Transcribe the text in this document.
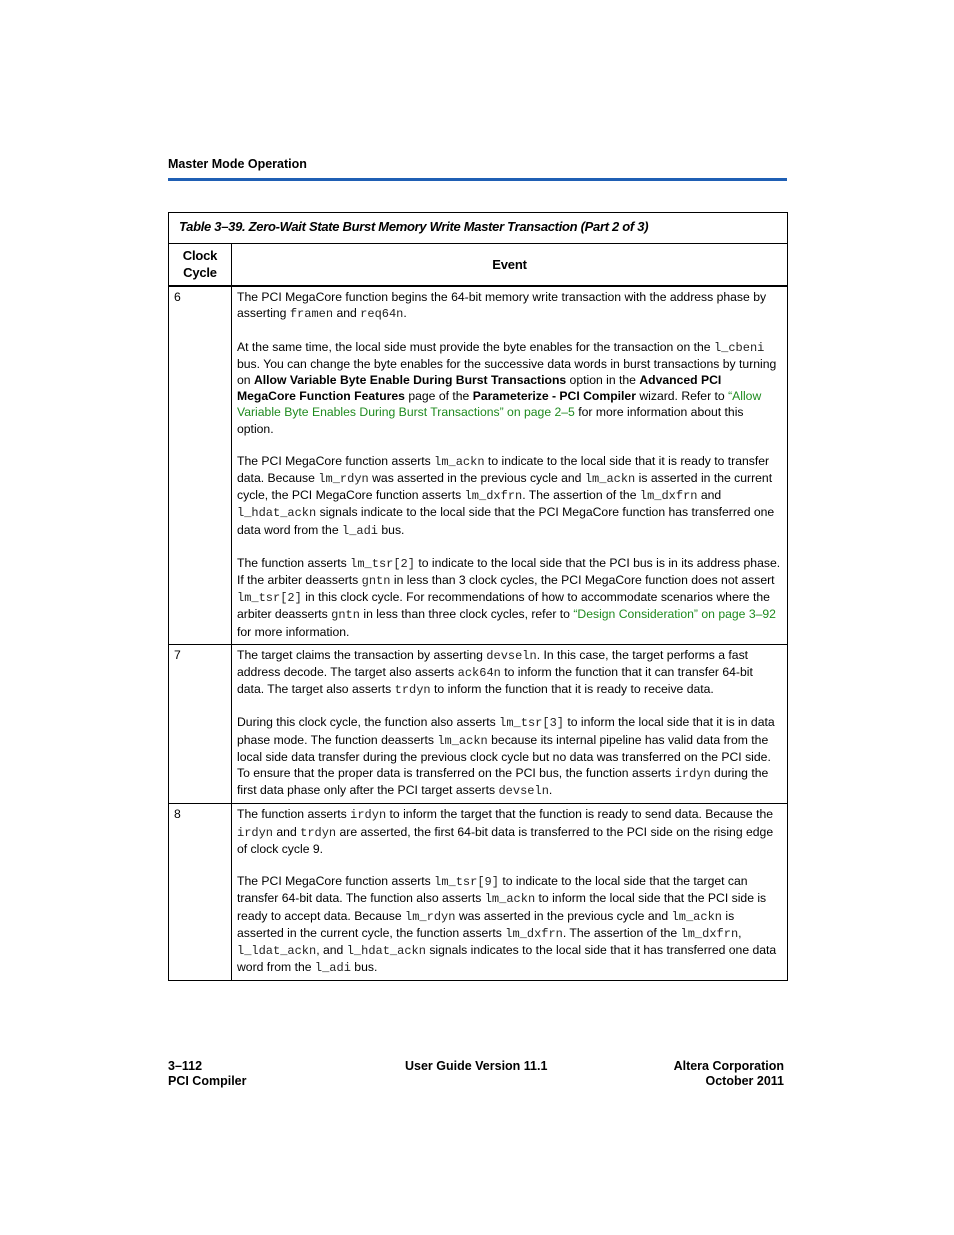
Master Mode Operation
Table 3–39. Zero-Wait State Burst Memory Write Master Transaction (Part 2 of 3)	
Clock
Cycle	Event
6	The PCI MegaCore function begins the 64-bit memory write transaction with the address phase by asserting framen and req64n.

At the same time, the local side must provide the byte enables for the transaction on the l_cbeni bus. You can change the byte enables for the successive data words in burst transactions by turning on Allow Variable Byte Enable During Burst Transactions option in the Advanced PCI MegaCore Function Features page of the Parameterize - PCI Compiler wizard. Refer to “Allow Variable Byte Enables During Burst Transactions” on page 2–5 for more information about this option.

The PCI MegaCore function asserts lm_ackn to indicate to the local side that it is ready to transfer data. Because lm_rdyn was asserted in the previous cycle and lm_ackn is asserted in the current cycle, the PCI MegaCore function asserts lm_dxfrn. The assertion of the lm_dxfrn and l_hdat_ackn signals indicate to the local side that the PCI MegaCore function has transferred one data word from the l_adi bus.

The function asserts lm_tsr[2] to indicate to the local side that the PCI bus is in its address phase. If the arbiter deasserts gntn in less than 3 clock cycles, the PCI MegaCore function does not assert lm_tsr[2] in this clock cycle. For recommendations of how to accommodate scenarios where the arbiter deasserts gntn in less than three clock cycles, refer to “Design Consideration” on page 3–92 for more information.

7	The target claims the transaction by asserting devseln. In this case, the target performs a fast address decode. The target also asserts ack64n to inform the function that it can transfer 64-bit data. The target also asserts trdyn to inform the function that it is ready to receive data.

During this clock cycle, the function also asserts lm_tsr[3] to inform the local side that it is in data phase mode. The function deasserts lm_ackn because its internal pipeline has valid data from the local side data transfer during the previous clock cycle but no data was transferred on the PCI side. To ensure that the proper data is transferred on the PCI bus, the function asserts irdyn during the first data phase only after the PCI target asserts devseln.

8	The function asserts irdyn to inform the target that the function is ready to send data. Because the irdyn and trdyn are asserted, the first 64-bit data is transferred to the PCI side on the rising edge of clock cycle 9.

The PCI MegaCore function asserts lm_tsr[9] to indicate to the local side that the target can transfer 64-bit data. The function also asserts lm_ackn to inform the local side that the PCI side is ready to accept data. Because lm_rdyn was asserted in the previous cycle and lm_ackn is asserted in the current cycle, the function asserts lm_dxfrn. The assertion of the lm_dxfrn, l_ldat_ackn, and l_hdat_ackn signals indicates to the local side that it has transferred one data word from the l_adi bus.

3–112
PCI Compiler
User Guide Version 11.1	Altera Corporation
October 2011
